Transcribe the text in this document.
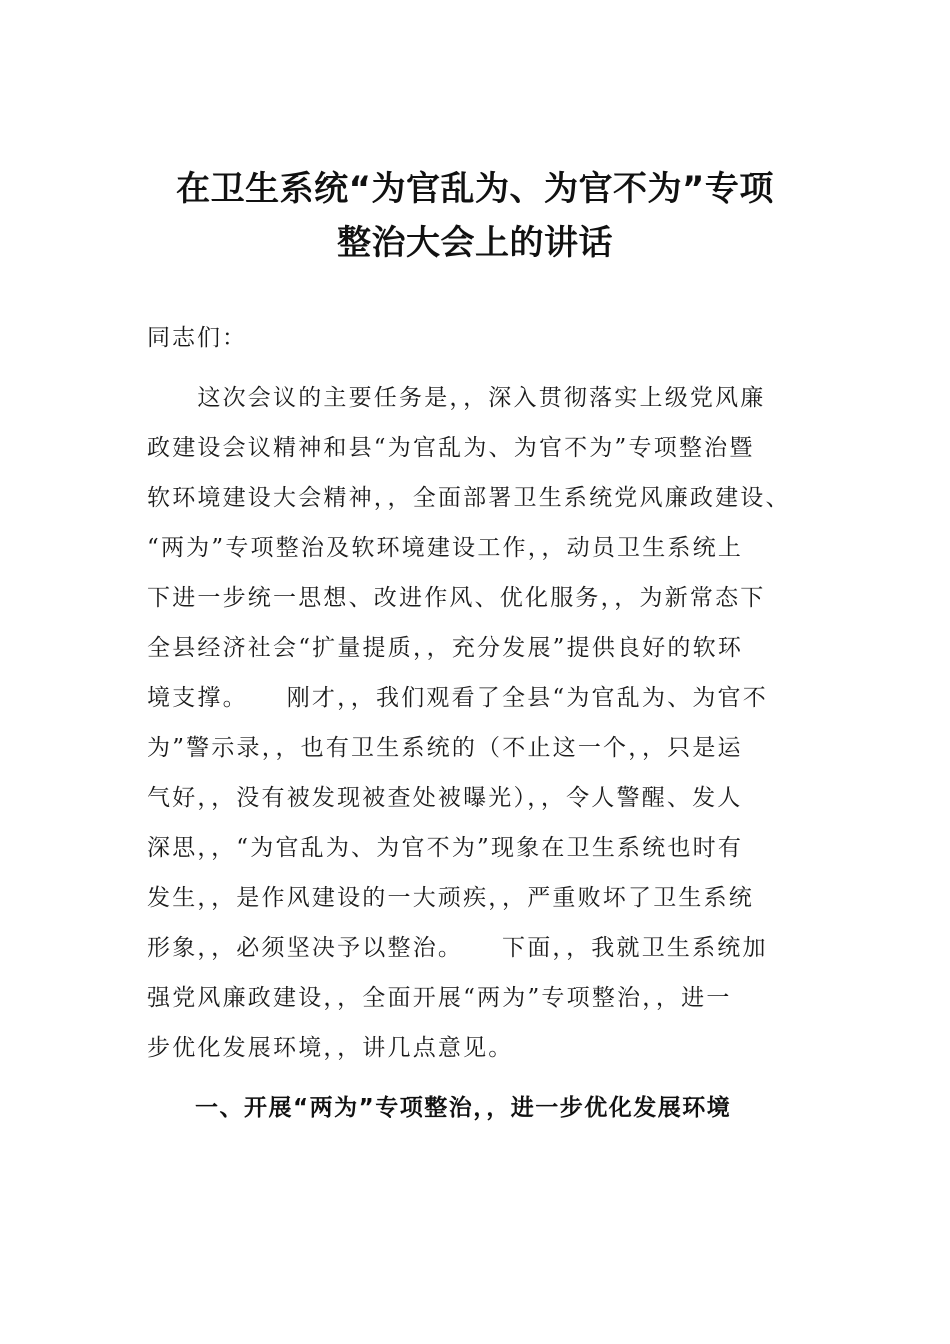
在卫生系统“为官乱为、为官不为”专项
整治大会上的讲话
同志们：
　　这次会议的主要任务是，，深入贯彻落实上级党风廉
政建设会议精神和县“为官乱为、为官不为”专项整治暨
软环境建设大会精神，，全面部署卫生系统党风廉政建设、
“两为”专项整治及软环境建设工作，，动员卫生系统上
下进一步统一思想、改进作风、优化服务，，为新常态下
全县经济社会“扩量提质，，充分发展”提供良好的软环
境支撑。　　刚才，，我们观看了全县“为官乱为、为官不
为”警示录，，也有卫生系统的（不止这一个，，只是运
气好，，没有被发现被查处被曝光），，令人警醒、发人
深思，，“为官乱为、为官不为”现象在卫生系统也时有
发生，，是作风建设的一大顽疾，，严重败坏了卫生系统
形象，，必须坚决予以整治。　　下面，，我就卫生系统加
强党风廉政建设，，全面开展“两为”专项整治，，进一
步优化发展环境，，讲几点意见。
一、开展“两为”专项整治，，进一步优化发展环境
